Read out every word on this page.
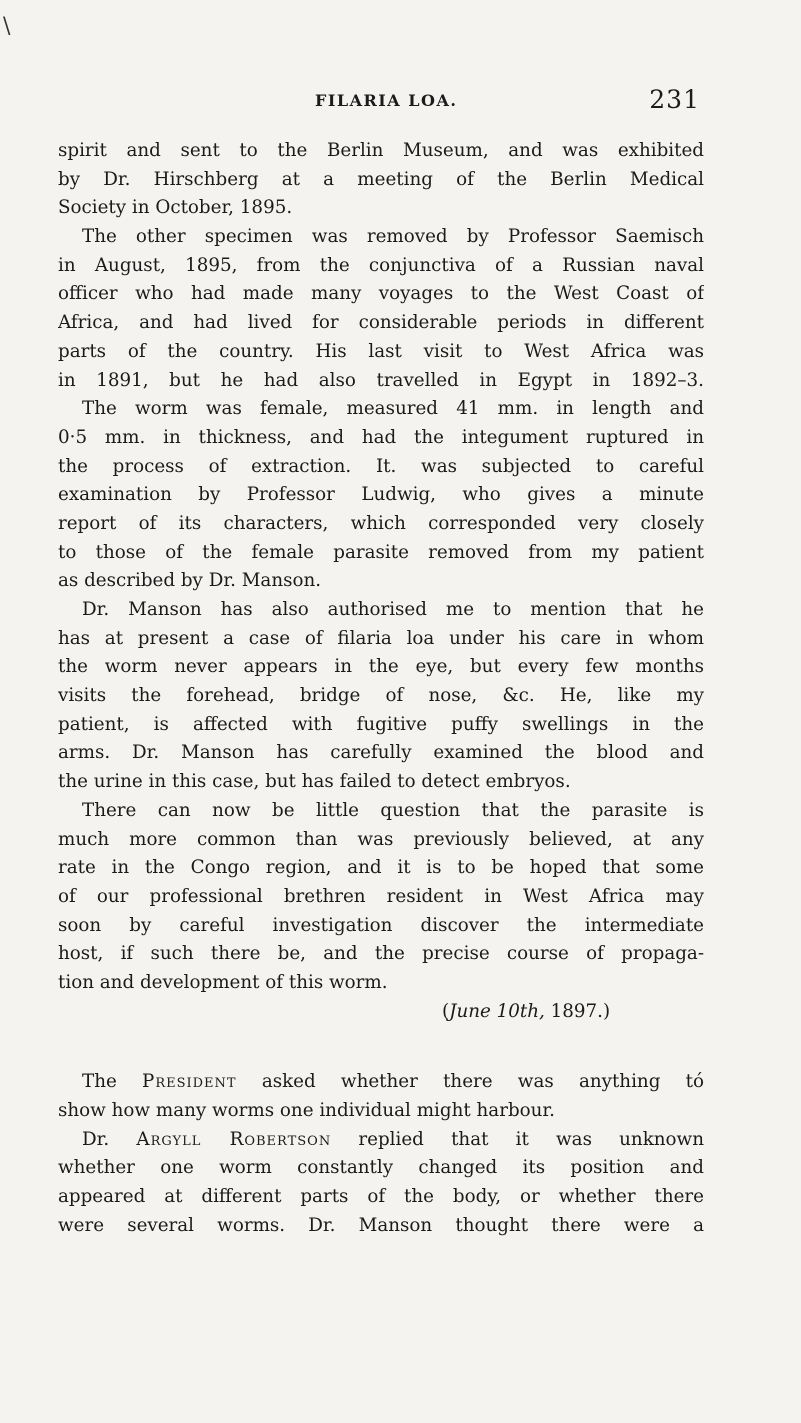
\
FILARIA LOA.	231
spirit and sent to the Berlin Museum, and was exhibited
by Dr. Hirschberg at a meeting of the Berlin Medical
Society in October, 1895.
The other specimen was removed by Professor Saemisch
in August, 1895, from the conjunctiva of a Russian naval
officer who had made many voyages to the West Coast of
Africa, and had lived for considerable periods in different
parts of the country. His last visit to West Africa was
in 1891, but he had also travelled in Egypt in 1892–3.
The worm was female, measured 41 mm. in length and
0·5 mm. in thickness, and had the integument ruptured in
the process of extraction. It. was subjected to careful
examination by Professor Ludwig, who gives a minute
report of its characters, which corresponded very closely
to those of the female parasite removed from my patient
as described by Dr. Manson.
Dr. Manson has also authorised me to mention that he
has at present a case of filaria loa under his care in whom
the worm never appears in the eye, but every few months
visits the forehead, bridge of nose, &c. He, like my
patient, is affected with fugitive puffy swellings in the
arms. Dr. Manson has carefully examined the blood and
the urine in this case, but has failed to detect embryos.
There can now be little question that the parasite is
much more common than was previously believed, at any
rate in the Congo region, and it is to be hoped that some
of our professional brethren resident in West Africa may
soon by careful investigation discover the intermediate
host, if such there be, and the precise course of propaga-
tion and development of this worm.
(June 10th, 1897.)
The President asked whether there was anything tó
show how many worms one individual might harbour.
Dr. Argyll Robertson replied that it was unknown
whether one worm constantly changed its position and
appeared at different parts of the body, or whether there
were several worms. Dr. Manson thought there were a
